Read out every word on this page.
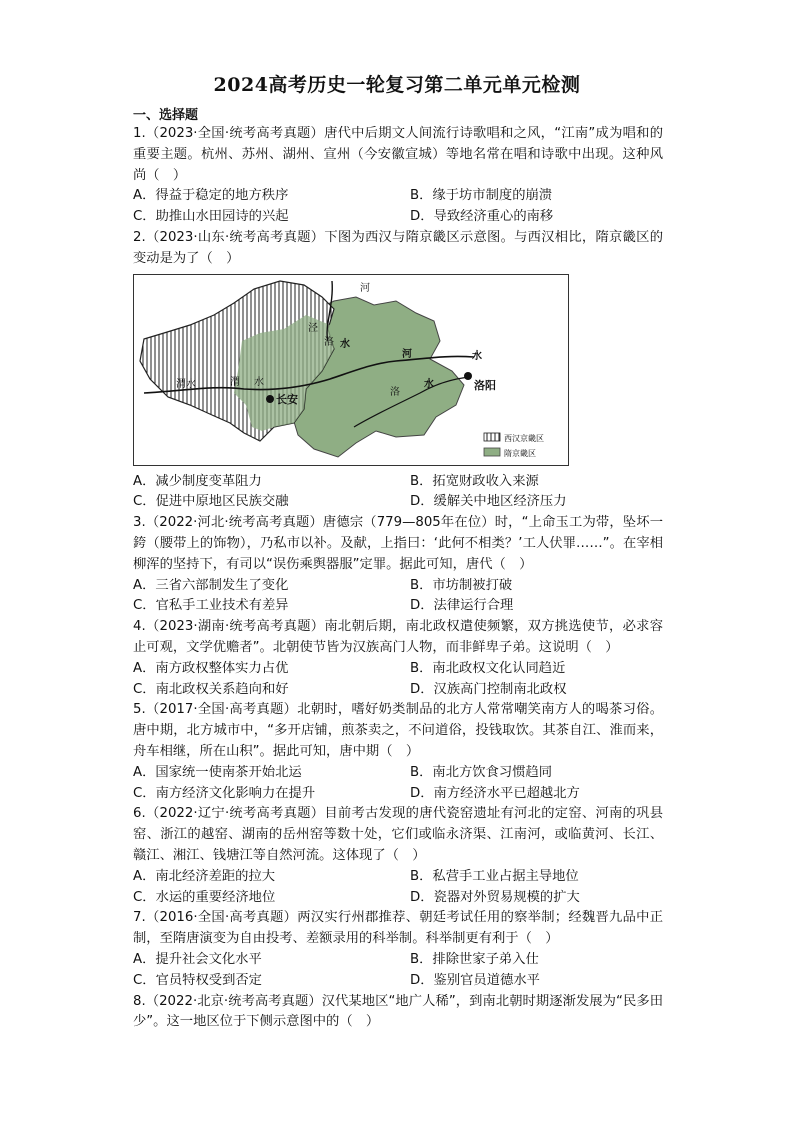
2024高考历史一轮复习第二单元单元检测
一、选择题

1.（2023·全国·统考高考真题）唐代中后期文人间流行诗歌唱和之风，“江南”成为唱和的重要主题。杭州、苏州、湖州、宣州（今安徽宣城）等地名常在唱和诗歌中出现。这种风尚（　）

A．得益于稳定的地方秩序	B．缘于坊市制度的崩溃
C．助推山水田园诗的兴起	D．导致经济重心的南移

2.（2023·山东·统考高考真题）下图为西汉与隋京畿区示意图。与西汉相比，隋京畿区的变动是为了（　）

河
泾
洛 水
渭水
河	水
洛
水
渭 水
长安
洛阳
西汉京畿区
隋京畿区
A．减少制度变革阻力	B．拓宽财政收入来源
C．促进中原地区民族交融	D．缓解关中地区经济压力

3.（2022·河北·统考高考真题）唐德宗（779—805年在位）时，“上命玉工为带，坠坏一銙（腰带上的饰物），乃私市以补。及献，上指曰：‘此何不相类？’工人伏罪……”。在宰相柳浑的坚持下，有司以“误伤乘舆器服”定罪。据此可知，唐代（　）

A．三省六部制发生了变化	B．市坊制被打破
C．官私手工业技术有差异	D．法律运行合理

4.（2023·湖南·统考高考真题）南北朝后期，南北政权遣使频繁，双方挑选使节，必求容止可观，文学优赡者”。北朝使节皆为汉族高门人物，而非鲜卑子弟。这说明（　）

A．南方政权整体实力占优	B．南北政权文化认同趋近
C．南北政权关系趋向和好	D．汉族高门控制南北政权

5.（2017·全国·高考真题）北朝时，嗜好奶类制品的北方人常常嘲笑南方人的喝茶习俗。唐中期，北方城市中，“多开店铺，煎茶卖之，不问道俗，投钱取饮。其茶自江、淮而来，舟车相继，所在山积”。据此可知，唐中期（　）

A．国家统一使南茶开始北运	B．南北方饮食习惯趋同
C．南方经济文化影响力在提升	D．南方经济水平已超越北方

6.（2022·辽宁·统考高考真题）目前考古发现的唐代瓷窑遗址有河北的定窑、河南的巩县窑、浙江的越窑、湖南的岳州窑等数十处，它们或临永济渠、江南河，或临黄河、长江、赣江、湘江、钱塘江等自然河流。这体现了（　）

A．南北经济差距的拉大	B．私营手工业占据主导地位
C．水运的重要经济地位	D．瓷器对外贸易规模的扩大

7.（2016·全国·高考真题）两汉实行州郡推荐、朝廷考试任用的察举制；经魏晋九品中正制，至隋唐演变为自由投考、差额录用的科举制。科举制更有利于（　）

A．提升社会文化水平	B．排除世家子弟入仕
C．官员特权受到否定	D．鉴别官员道德水平

8.（2022·北京·统考高考真题）汉代某地区“地广人稀”，到南北朝时期逐渐发展为“民多田少”。这一地区位于下侧示意图中的（　）
